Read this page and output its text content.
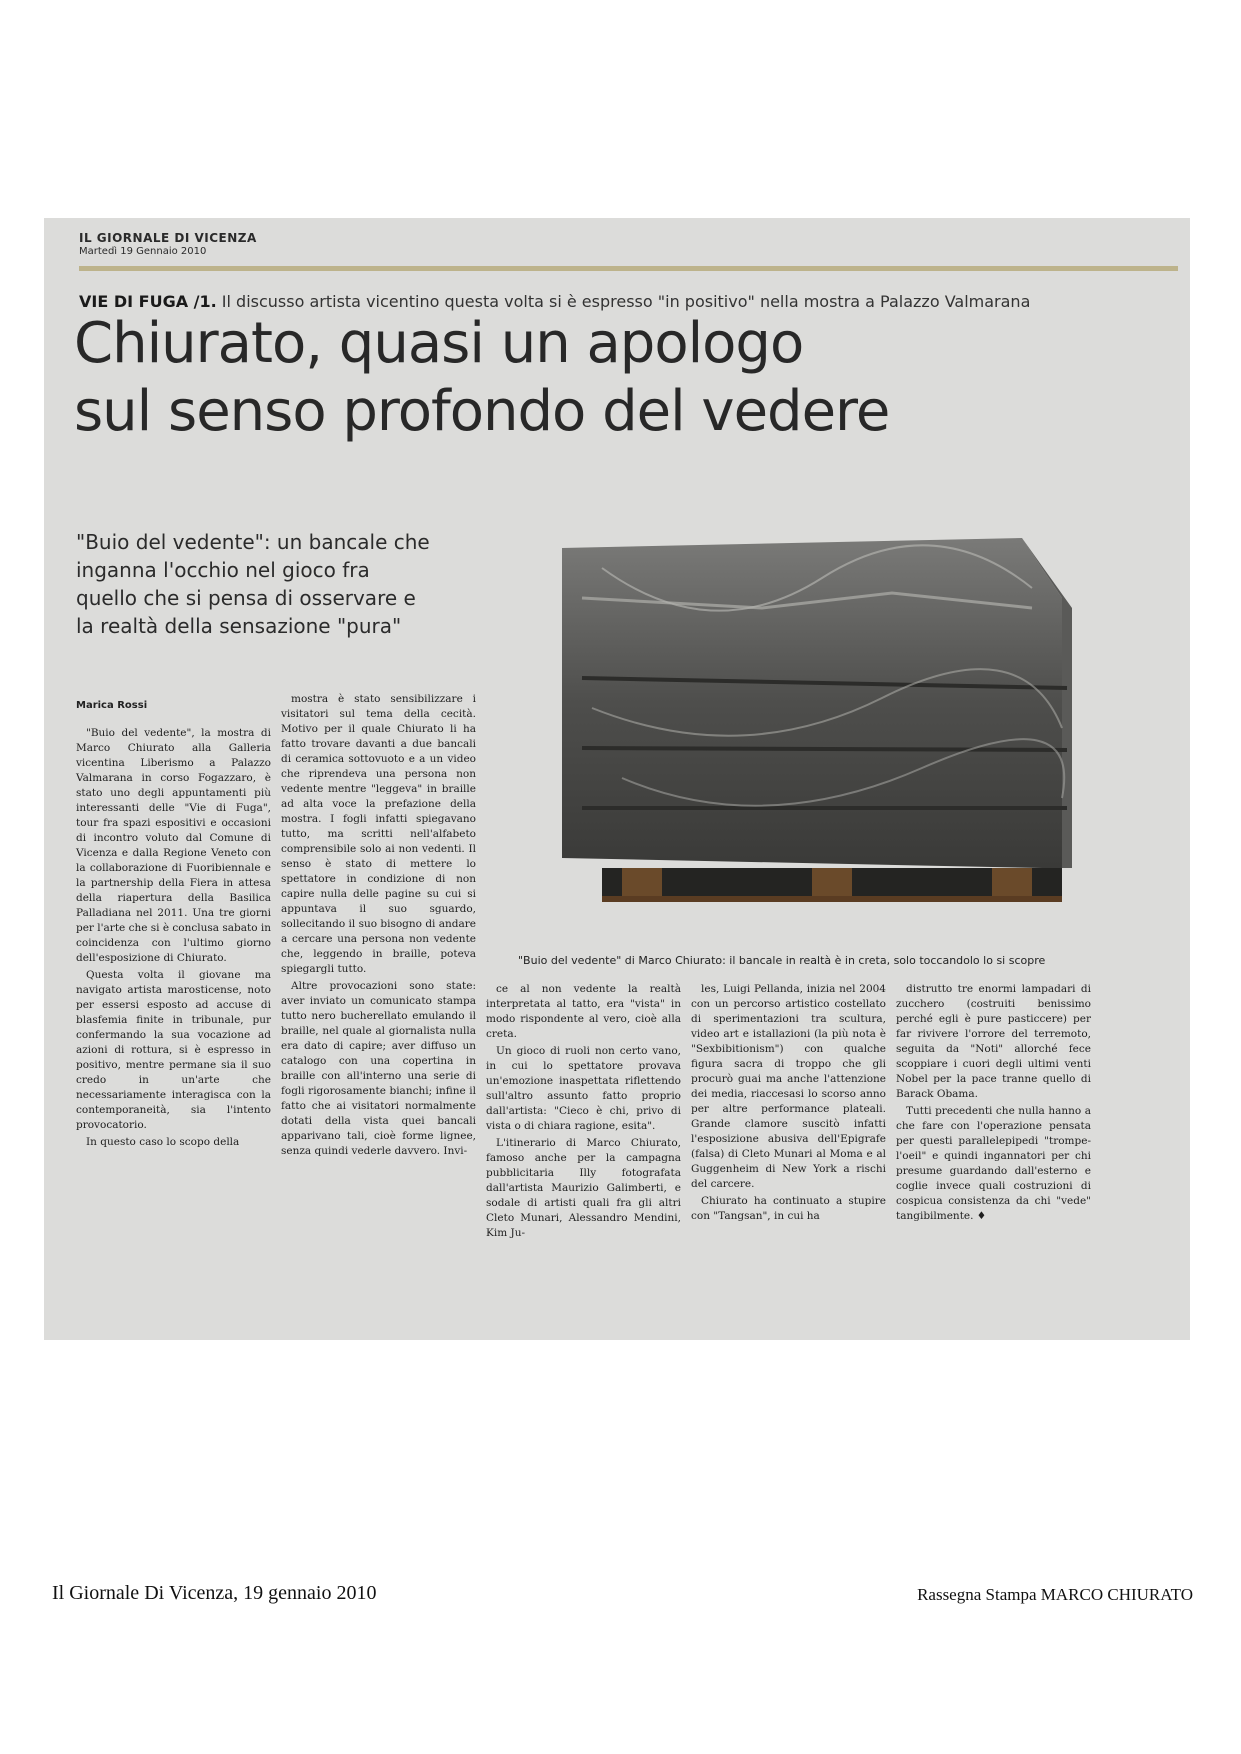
IL GIORNALE DI VICENZA
Martedì 19 Gennaio 2010
VIE DI FUGA /1. Il discusso artista vicentino questa volta si è espresso "in positivo" nella mostra a Palazzo Valmarana
Chiurato, quasi un apologo
sul senso profondo del vedere
"Buio del vedente": un bancale che inganna l'occhio nel gioco fra quello che si pensa di osservare e la realtà della sensazione "pura"
Marica Rossi
"Buio del vedente" di Marco Chiurato: il bancale in realtà è in creta, solo toccandolo lo si scopre

"Buio del vedente", la mostra di Marco Chiurato alla Galleria vicentina Liberismo a Palazzo Valmarana in corso Fogazzaro, è stato uno degli appuntamenti più interessanti delle "Vie di Fuga", tour fra spazi espositivi e occasioni di incontro voluto dal Comune di Vicenza e dalla Regione Veneto con la collaborazione di Fuoribiennale e la partnership della Fiera in attesa della riapertura della Basilica Palladiana nel 2011. Una tre giorni per l'arte che si è conclusa sabato in coincidenza con l'ultimo giorno dell'esposizione di Chiurato.

Questa volta il giovane ma navigato artista marosticense, noto per essersi esposto ad accuse di blasfemia finite in tribunale, pur confermando la sua vocazione ad azioni di rottura, si è espresso in positivo, mentre permane sia il suo credo in un'arte che necessariamente interagisca con la contemporaneità, sia l'intento provocatorio.

In questo caso lo scopo della

mostra è stato sensibilizzare i visitatori sul tema della cecità. Motivo per il quale Chiurato li ha fatto trovare davanti a due bancali di ceramica sottovuoto e a un video che riprendeva una persona non vedente mentre "leggeva" in braille ad alta voce la prefazione della mostra. I fogli infatti spiegavano tutto, ma scritti nell'alfabeto comprensibile solo ai non vedenti. Il senso è stato di mettere lo spettatore in condizione di non capire nulla delle pagine su cui si appuntava il suo sguardo, sollecitando il suo bisogno di andare a cercare una persona non vedente che, leggendo in braille, poteva spiegargli tutto.

Altre provocazioni sono state: aver inviato un comunicato stampa tutto nero bucherellato emulando il braille, nel quale al giornalista nulla era dato di capire; aver diffuso un catalogo con una copertina in braille con all'interno una serie di fogli rigorosamente bianchi; infine il fatto che ai visitatori normalmente dotati della vista quei bancali apparivano tali, cioè forme lignee, senza quindi vederle davvero. Invi-

ce al non vedente la realtà interpretata al tatto, era "vista" in modo rispondente al vero, cioè alla creta.

Un gioco di ruoli non certo vano, in cui lo spettatore provava un'emozione inaspettata riflettendo sull'altro assunto fatto proprio dall'artista: "Cieco è chi, privo di vista o di chiara ragione, esita".

L'itinerario di Marco Chiurato, famoso anche per la campagna pubblicitaria Illy fotografata dall'artista Maurizio Galimberti, e sodale di artisti quali fra gli altri Cleto Munari, Alessandro Mendini, Kim Ju-

les, Luigi Pellanda, inizia nel 2004 con un percorso artistico costellato di sperimentazioni tra scultura, video art e istallazioni (la più nota è "Sexbibitionism") con qualche figura sacra di troppo che gli procurò guai ma anche l'attenzione dei media, riaccesasi lo scorso anno per altre performance plateali. Grande clamore suscitò infatti l'esposizione abusiva dell'Epigrafe (falsa) di Cleto Munari al Moma e al Guggenheim di New York a rischi del carcere.

Chiurato ha continuato a stupire con "Tangsan", in cui ha

distrutto tre enormi lampadari di zucchero (costruiti benissimo perché egli è pure pasticcere) per far rivivere l'orrore del terremoto, seguita da "Noti" allorché fece scoppiare i cuori degli ultimi venti Nobel per la pace tranne quello di Barack Obama.

Tutti precedenti che nulla hanno a che fare con l'operazione pensata per questi parallelepipedi "trompe-l'oeil" e quindi ingannatori per chi presume guardando dall'esterno e coglie invece quali costruzioni di cospicua consistenza da chi "vede" tangibilmente. ♦

Il Giornale Di Vicenza, 19 gennaio 2010	Rassegna Stampa MARCO CHIURATO
